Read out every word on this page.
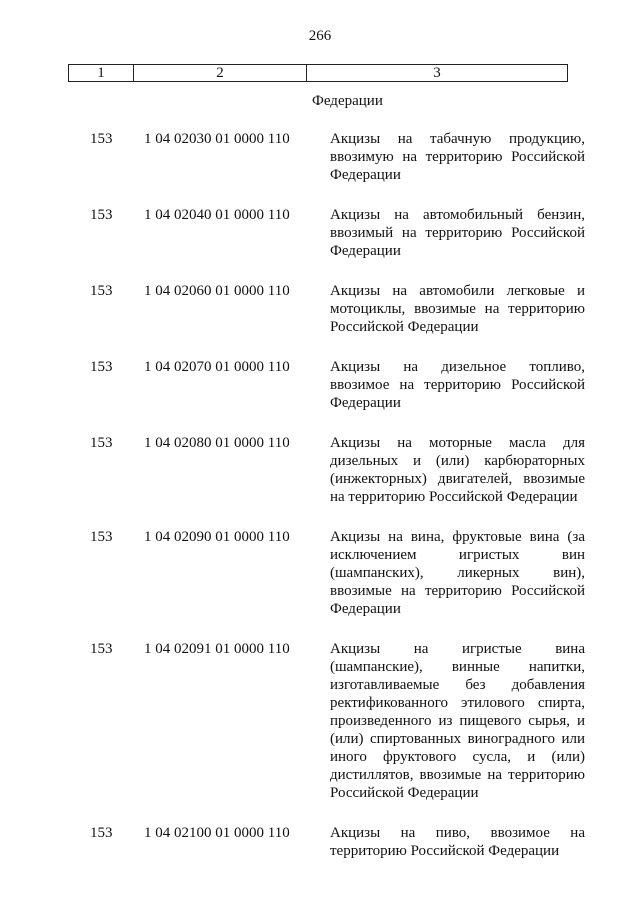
266
1	2	3
Федерации
153	1 04 02030 01 0000 110	Акцизы на табачную продукцию,
ввозимую на территорию Российской
Федерации
153	1 04 02040 01 0000 110	Акцизы на автомобильный бензин,
ввозимый на территорию Российской
Федерации
153	1 04 02060 01 0000 110	Акцизы на автомобили легковые и
мотоциклы, ввозимые на территорию
Российской Федерации
153	1 04 02070 01 0000 110	Акцизы на дизельное топливо,
ввозимое на территорию Российской
Федерации
153	1 04 02080 01 0000 110	Акцизы на моторные масла для
дизельных и (или) карбюраторных
(инжекторных) двигателей, ввозимые
на территорию Российской Федерации
153	1 04 02090 01 0000 110	Акцизы на вина, фруктовые вина (за
исключением игристых вин
(шампанских), ликерных вин),
ввозимые на территорию Российской
Федерации
153	1 04 02091 01 0000 110	Акцизы на игристые вина
(шампанские), винные напитки,
изготавливаемые без добавления
ректификованного этилового спирта,
произведенного из пищевого сырья, и
(или) спиртованных виноградного или
иного фруктового сусла, и (или)
дистиллятов, ввозимые на территорию
Российской Федерации
153	1 04 02100 01 0000 110	Акцизы на пиво, ввозимое на
территорию Российской Федерации
